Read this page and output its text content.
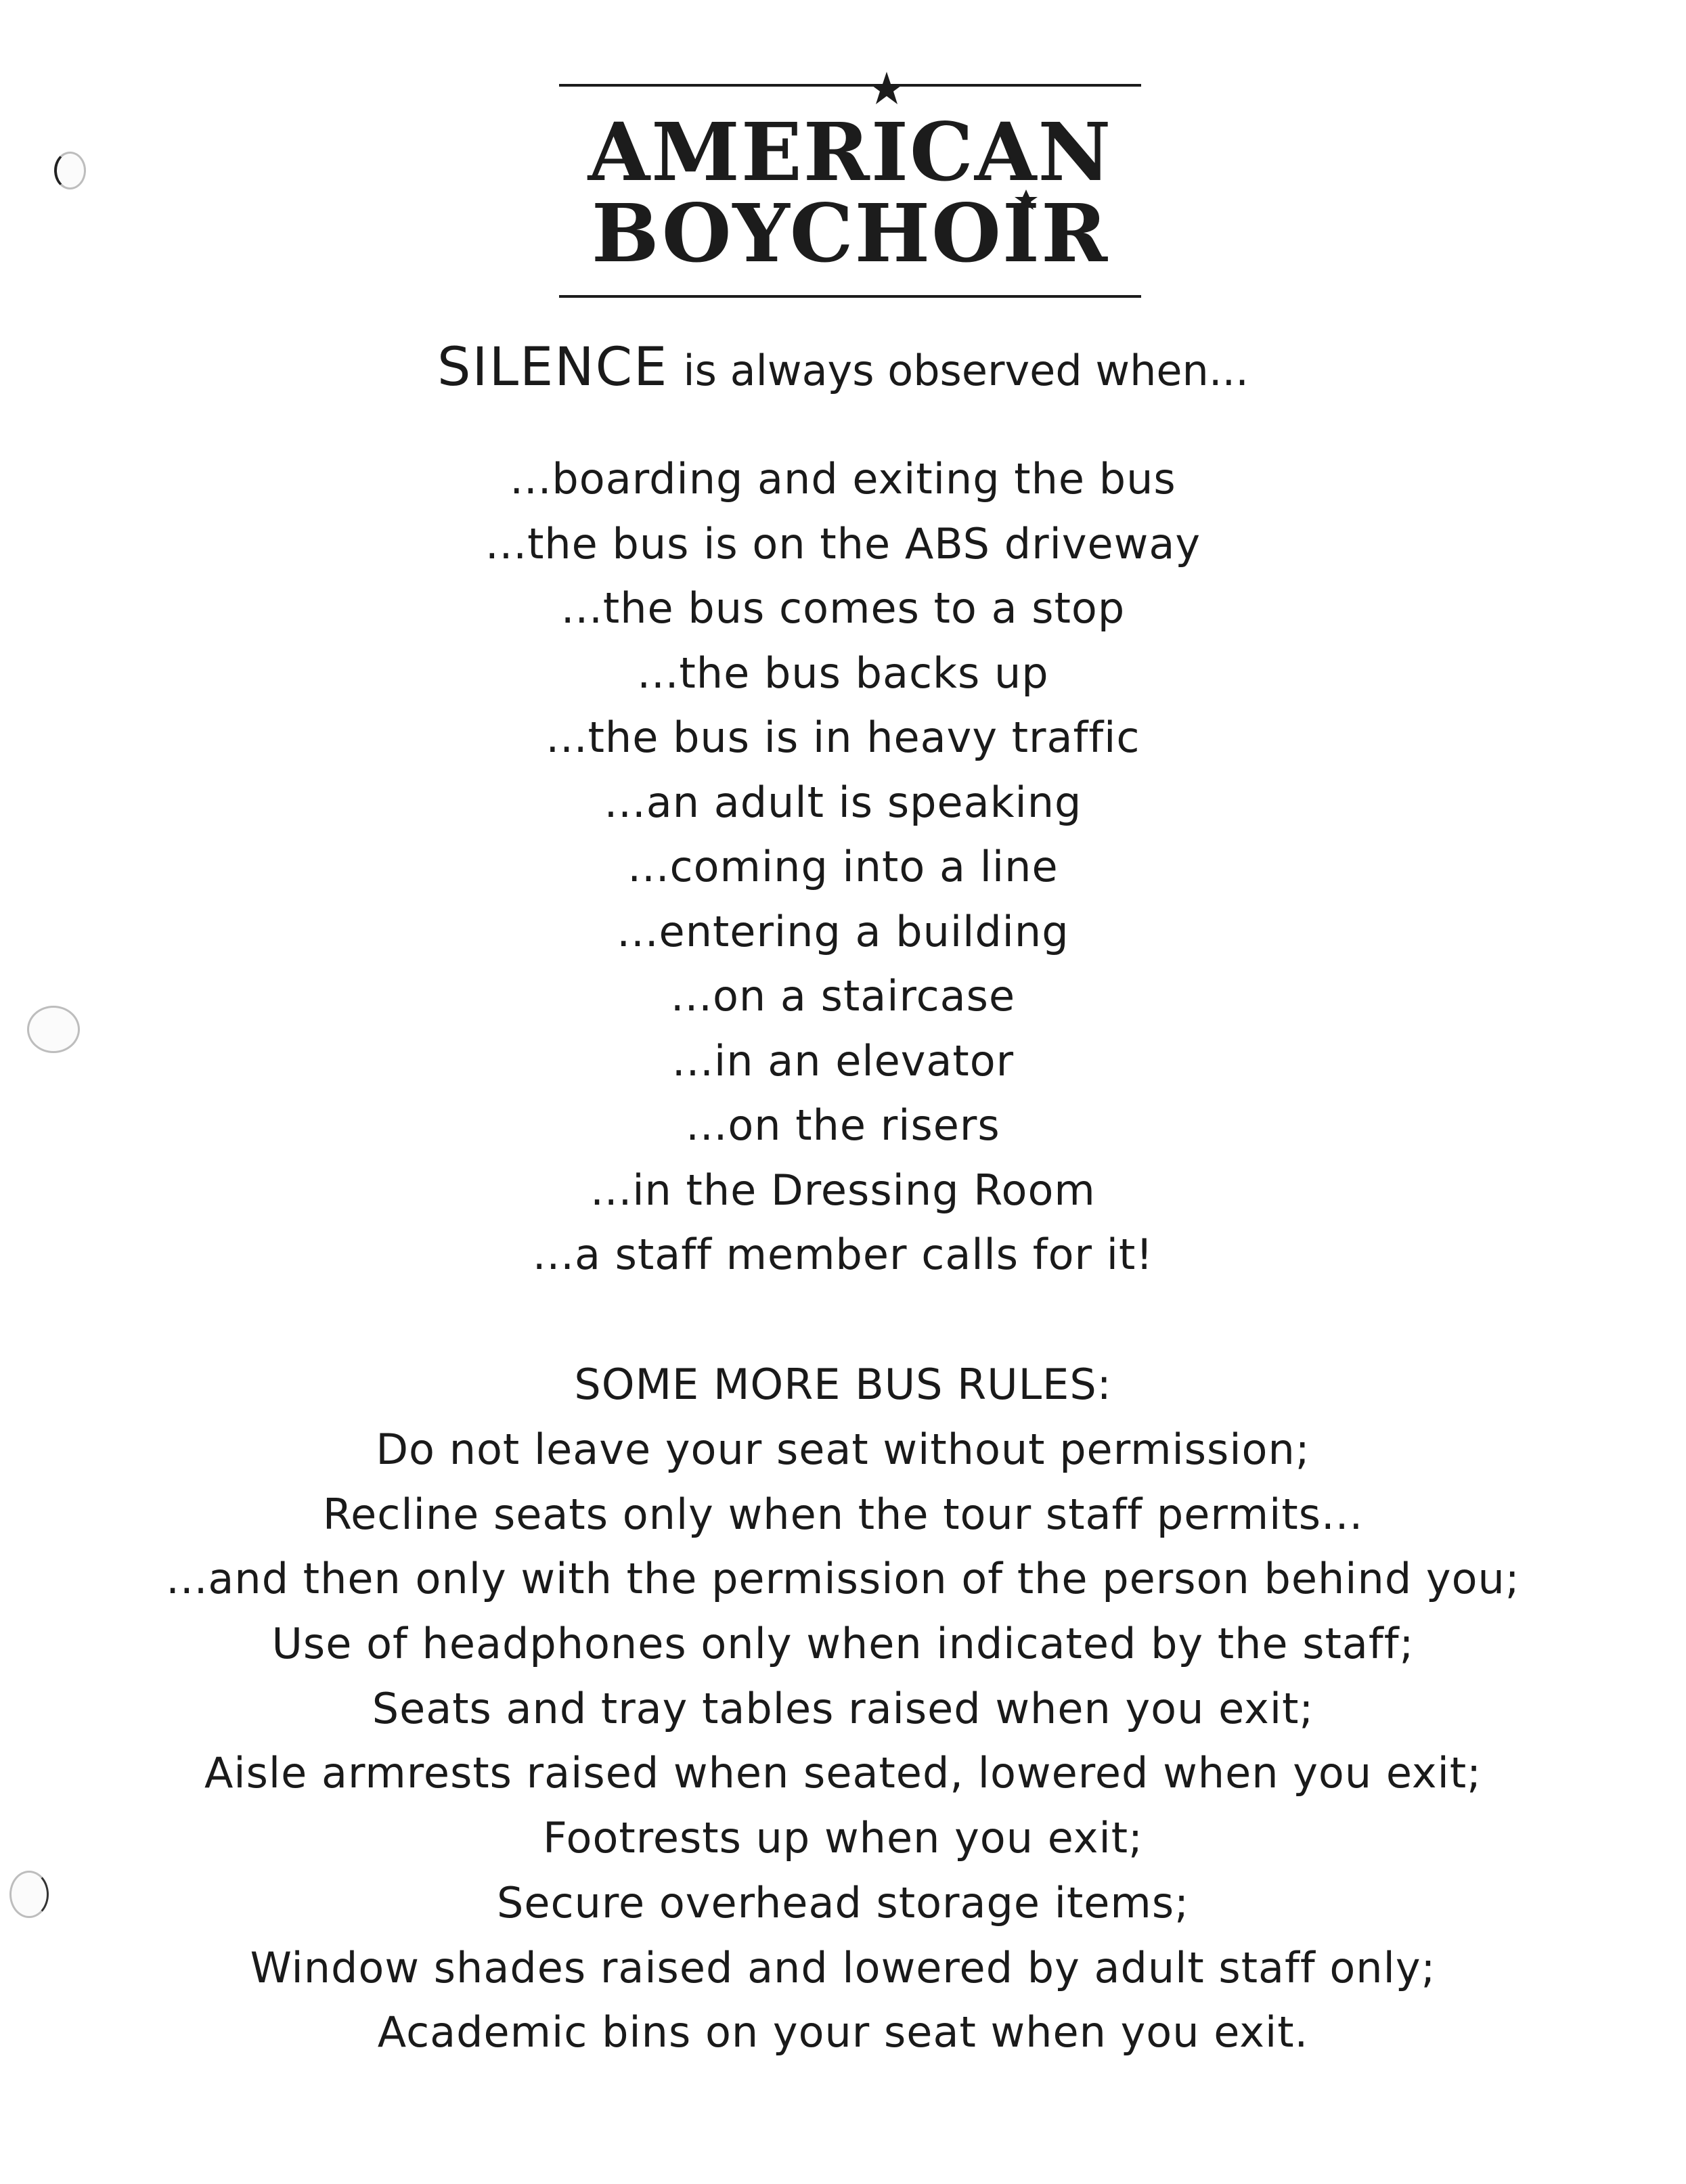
AMERICAN
BOYCHOIR
SILENCE is always observed when...
...boarding and exiting the bus
...the bus is on the ABS driveway
...the bus comes to a stop
...the bus backs up
...the bus is in heavy traffic
...an adult is speaking
...coming into a line
...entering a building
...on a staircase
...in an elevator
...on the risers
...in the Dressing Room
...a staff member calls for it!
SOME MORE BUS RULES:
Do not leave your seat without permission;
Recline seats only when the tour staff permits...
...and then only with the permission of the person behind you;
Use of headphones only when indicated by the staff;
Seats and tray tables raised when you exit;
Aisle armrests raised when seated, lowered when you exit;
Footrests up when you exit;
Secure overhead storage items;
Window shades raised and lowered by adult staff only;
Academic bins on your seat when you exit.
